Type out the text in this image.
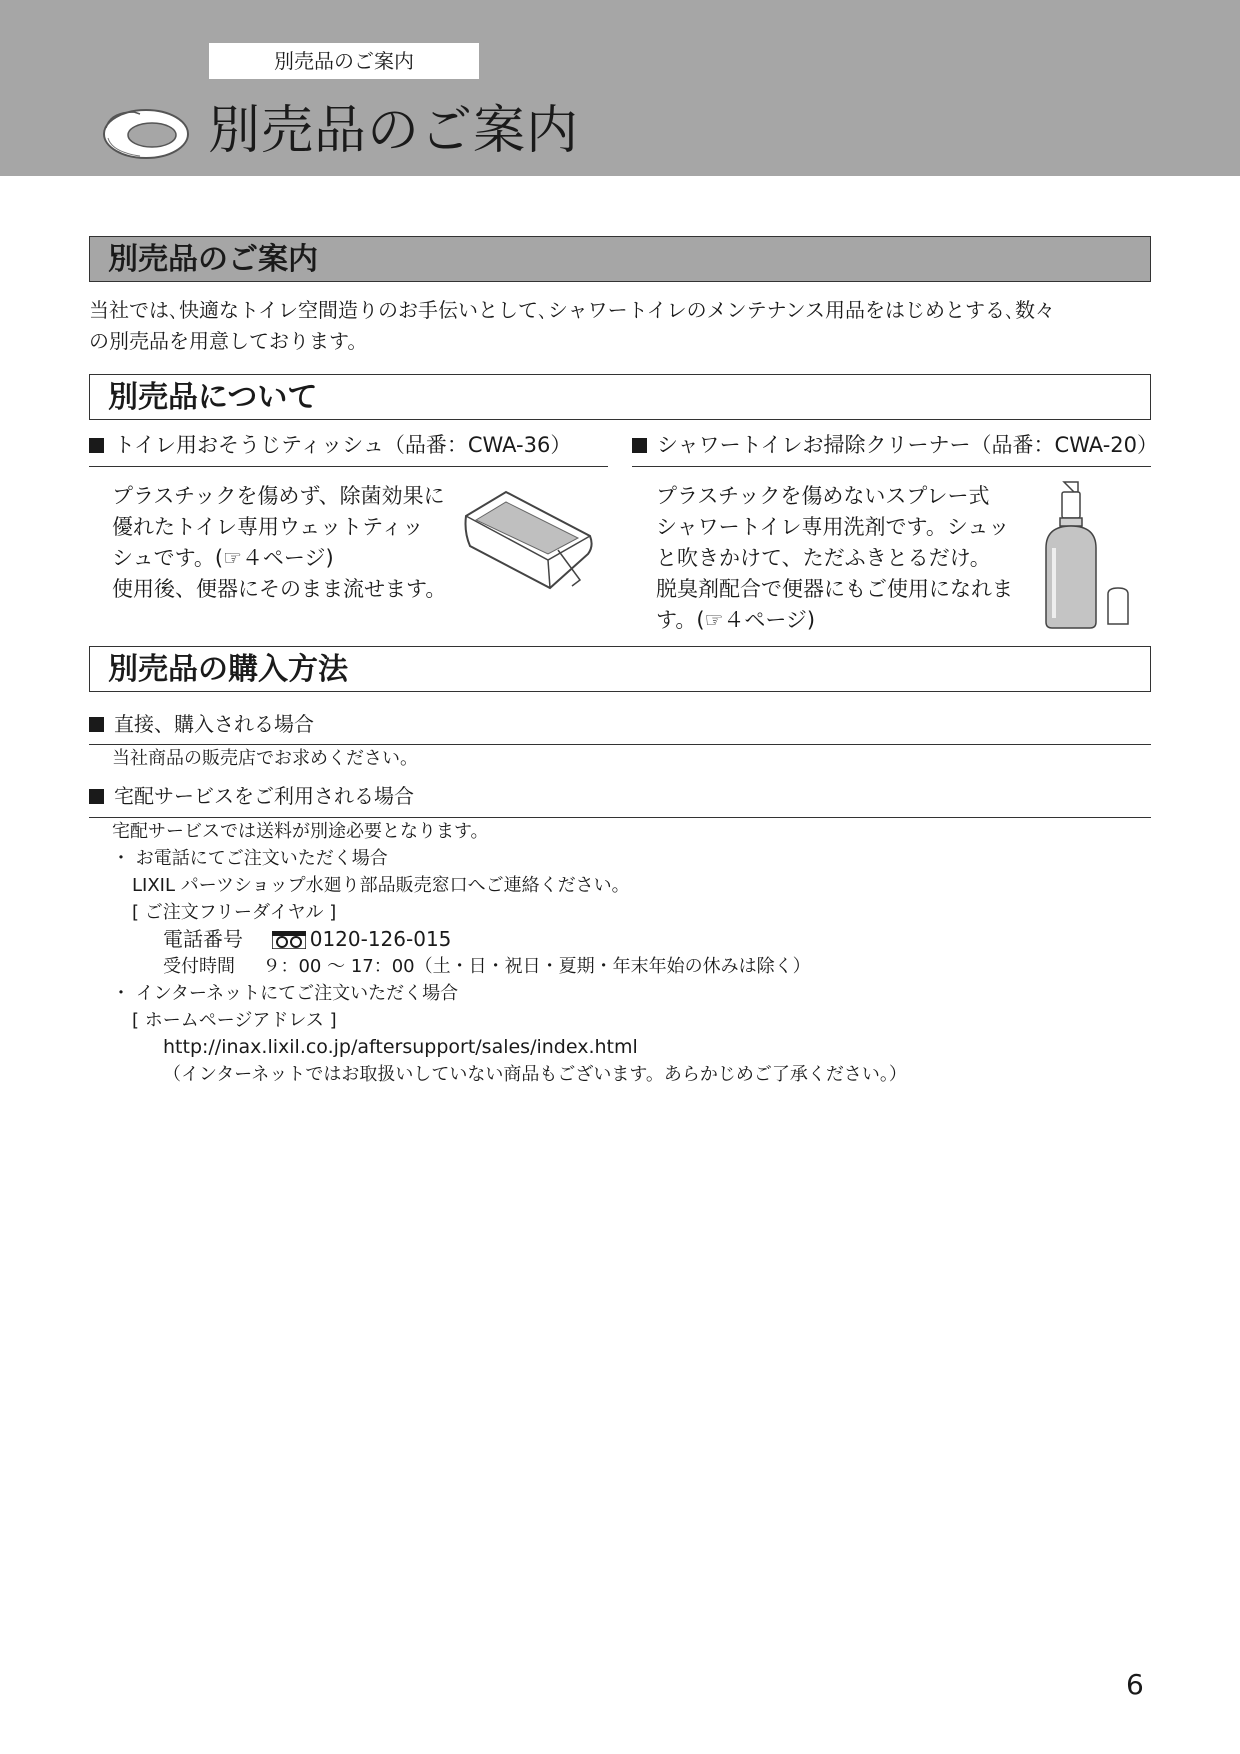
別売品のご案内
別売品のご案内
別売品のご案内
当社では､快適なトイレ空間造りのお手伝いとして､シャワートイレのメンテナンス用品をはじめとする､数々
の別売品を用意しております。
別売品について
トイレ用おそうじティッシュ（品番：CWA-36）
プラスチックを傷めず、除菌効果に
優れたトイレ専用ウェットティッ
シュです。(☞４ページ)
使用後、便器にそのまま流せます。
シャワートイレお掃除クリーナー（品番：CWA-20）
プラスチックを傷めないスプレー式
シャワートイレ専用洗剤です。シュッ
と吹きかけて、ただふきとるだけ。
脱臭剤配合で便器にもご使用になれま
す。(☞４ページ)
別売品の購入方法
直接、購入される場合
当社商品の販売店でお求めください。
宅配サービスをご利用される場合
宅配サービスでは送料が別途必要となります。
・ お電話にてご注文いただく場合
LIXIL パーツショップ水廻り部品販売窓口へご連絡ください。
[ ご注文フリーダイヤル ]
電話番号	0120-126-015
受付時間 ９：00 ～ 17：00（土・日・祝日・夏期・年末年始の休みは除く）
・ インターネットにてご注文いただく場合
[ ホームページアドレス ]
http://inax.lixil.co.jp/aftersupport/sales/index.html
（インターネットではお取扱いしていない商品もございます。あらかじめご了承ください。）
6
